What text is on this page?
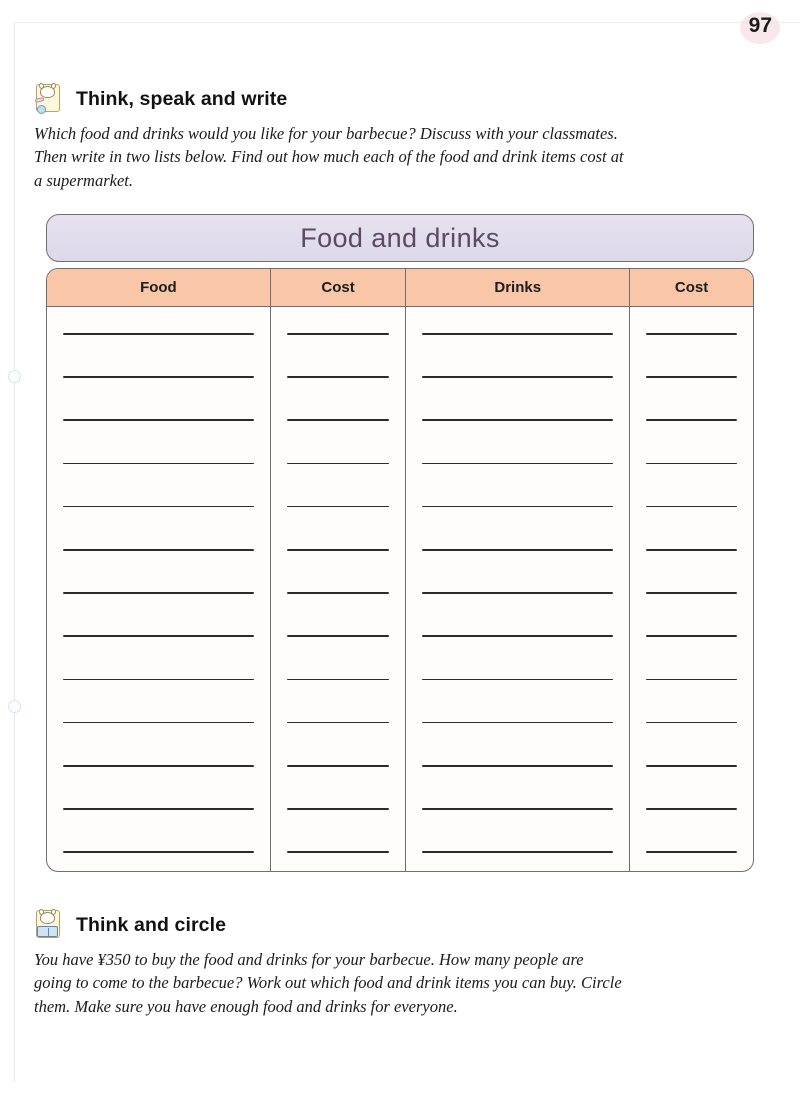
97
Think, speak and write
Which food and drinks would you like for your barbecue? Discuss with your classmates. Then write in two lists below. Find out how much each of the food and drink items cost at a supermarket.
Food and drinks
Food	Cost	Drinks	Cost
Think and circle
You have ¥350 to buy the food and drinks for your barbecue. How many people are going to come to the barbecue? Work out which food and drink items you can buy. Circle them. Make sure you have enough food and drinks for everyone.
